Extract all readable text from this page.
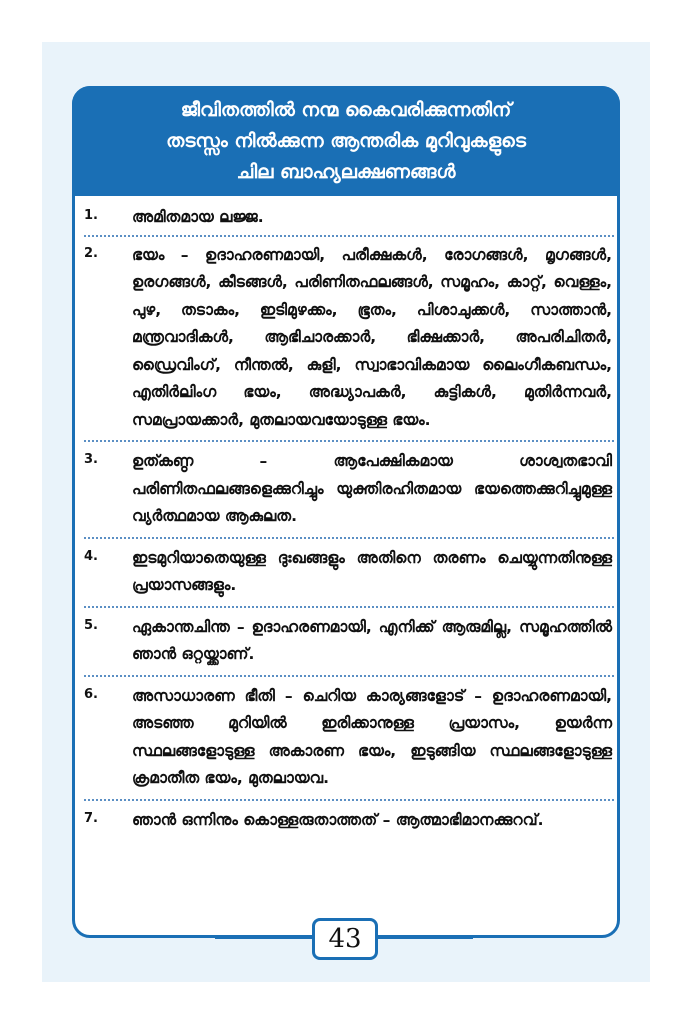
ജീവിതത്തിൽ നന്മ കൈവരിക്കുന്നതിന്
തടസ്സം നിൽക്കുന്ന ആന്തരിക മുറിവുകളുടെ
ചില ബാഹ്യലക്ഷണങ്ങൾ
1.	അമിതമായ ലജ്ജ.
2.	ഭയം – ഉദാഹരണമായി, പരീക്ഷകൾ, രോഗങ്ങൾ, മൃഗങ്ങൾ, ഉരഗങ്ങൾ, കീടങ്ങൾ, പരിണിതഫലങ്ങൾ, സമൂഹം, കാറ്റ്, വെള്ളം, പുഴ, തടാകം, ഇടിമുഴക്കം, ഭൂതം, പിശാചുക്കൾ, സാത്താൻ, മന്ത്രവാദികൾ, ആഭിചാരക്കാർ, ഭിക്ഷക്കാർ, അപരിചിതർ, ഡ്രൈവിംഗ്, നീന്തൽ, കുളി, സ്വാഭാവികമായ ലൈംഗീകബന്ധം, എതിർലിംഗ ഭയം, അദ്ധ്യാപകർ, കുട്ടികൾ, മുതിർന്നവർ, സമപ്രായക്കാർ, മുതലായവയോടുള്ള ഭയം.
3.	ഉത്കണ്ഠ – ആപേക്ഷികമായ ശാശ്വതഭാവി പരിണിതഫലങ്ങളെക്കുറിച്ചും യുക്തിരഹിതമായ ഭയത്തെക്കുറിച്ചുമുള്ള വ്യർത്ഥമായ ആകുലത.
4.	ഇടമുറിയാതെയുള്ള ദുഃഖങ്ങളും അതിനെ തരണം ചെയ്യുന്നതിനുള്ള പ്രയാസങ്ങളും.
5.	ഏകാന്തചിന്ത – ഉദാഹരണമായി, എനിക്ക് ആരുമില്ല, സമൂഹത്തിൽ ഞാൻ ഒറ്റയ്ക്കാണ്.
6.	അസാധാരണ ഭീതി – ചെറിയ കാര്യങ്ങളോട് – ഉദാഹരണമായി, അടഞ്ഞ മുറിയിൽ ഇരിക്കാനുള്ള പ്രയാസം, ഉയർന്ന സ്ഥലങ്ങളോടുള്ള അകാരണ ഭയം, ഇടുങ്ങിയ സ്ഥലങ്ങളോടുള്ള ക്രമാതീത ഭയം, മുതലായവ.
7.	ഞാൻ ഒന്നിനും കൊള്ളരുതാത്തത് – ആത്മാഭിമാനക്കുറവ്.
43
